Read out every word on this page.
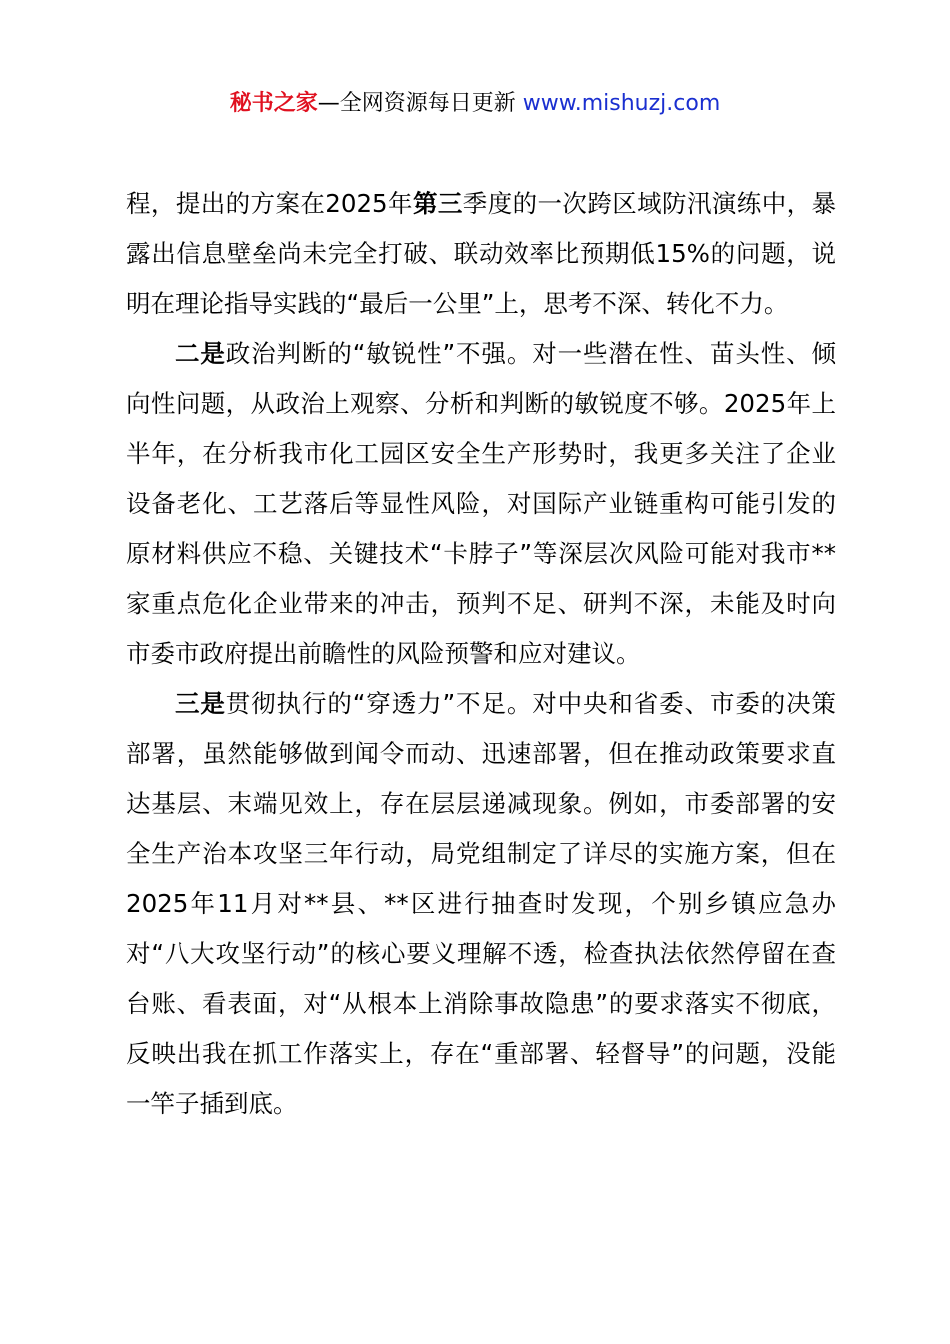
秘书之家—全网资源每日更新 www.mishuzj.com

程，提出的方案在2025年第三季度的一次跨区域防汛演练中，暴露出信息壁垒尚未完全打破、联动效率比预期低15%的问题，说明在理论指导实践的“最后一公里”上，思考不深、转化不力。

二是政治判断的“敏锐性”不强。对一些潜在性、苗头性、倾向性问题，从政治上观察、分析和判断的敏锐度不够。2025年上半年，在分析我市化工园区安全生产形势时，我更多关注了企业设备老化、工艺落后等显性风险，对国际产业链重构可能引发的原材料供应不稳、关键技术“卡脖子”等深层次风险可能对我市**家重点危化企业带来的冲击，预判不足、研判不深，未能及时向市委市政府提出前瞻性的风险预警和应对建议。

三是贯彻执行的“穿透力”不足。对中央和省委、市委的决策部署，虽然能够做到闻令而动、迅速部署，但在推动政策要求直达基层、末端见效上，存在层层递减现象。例如，市委部署的安全生产治本攻坚三年行动，局党组制定了详尽的实施方案，但在2025年11月对**县、**区进行抽查时发现，个别乡镇应急办对“八大攻坚行动”的核心要义理解不透，检查执法依然停留在查台账、看表面，对“从根本上消除事故隐患”的要求落实不彻底，反映出我在抓工作落实上，存在“重部署、轻督导”的问题，没能一竿子插到底。
